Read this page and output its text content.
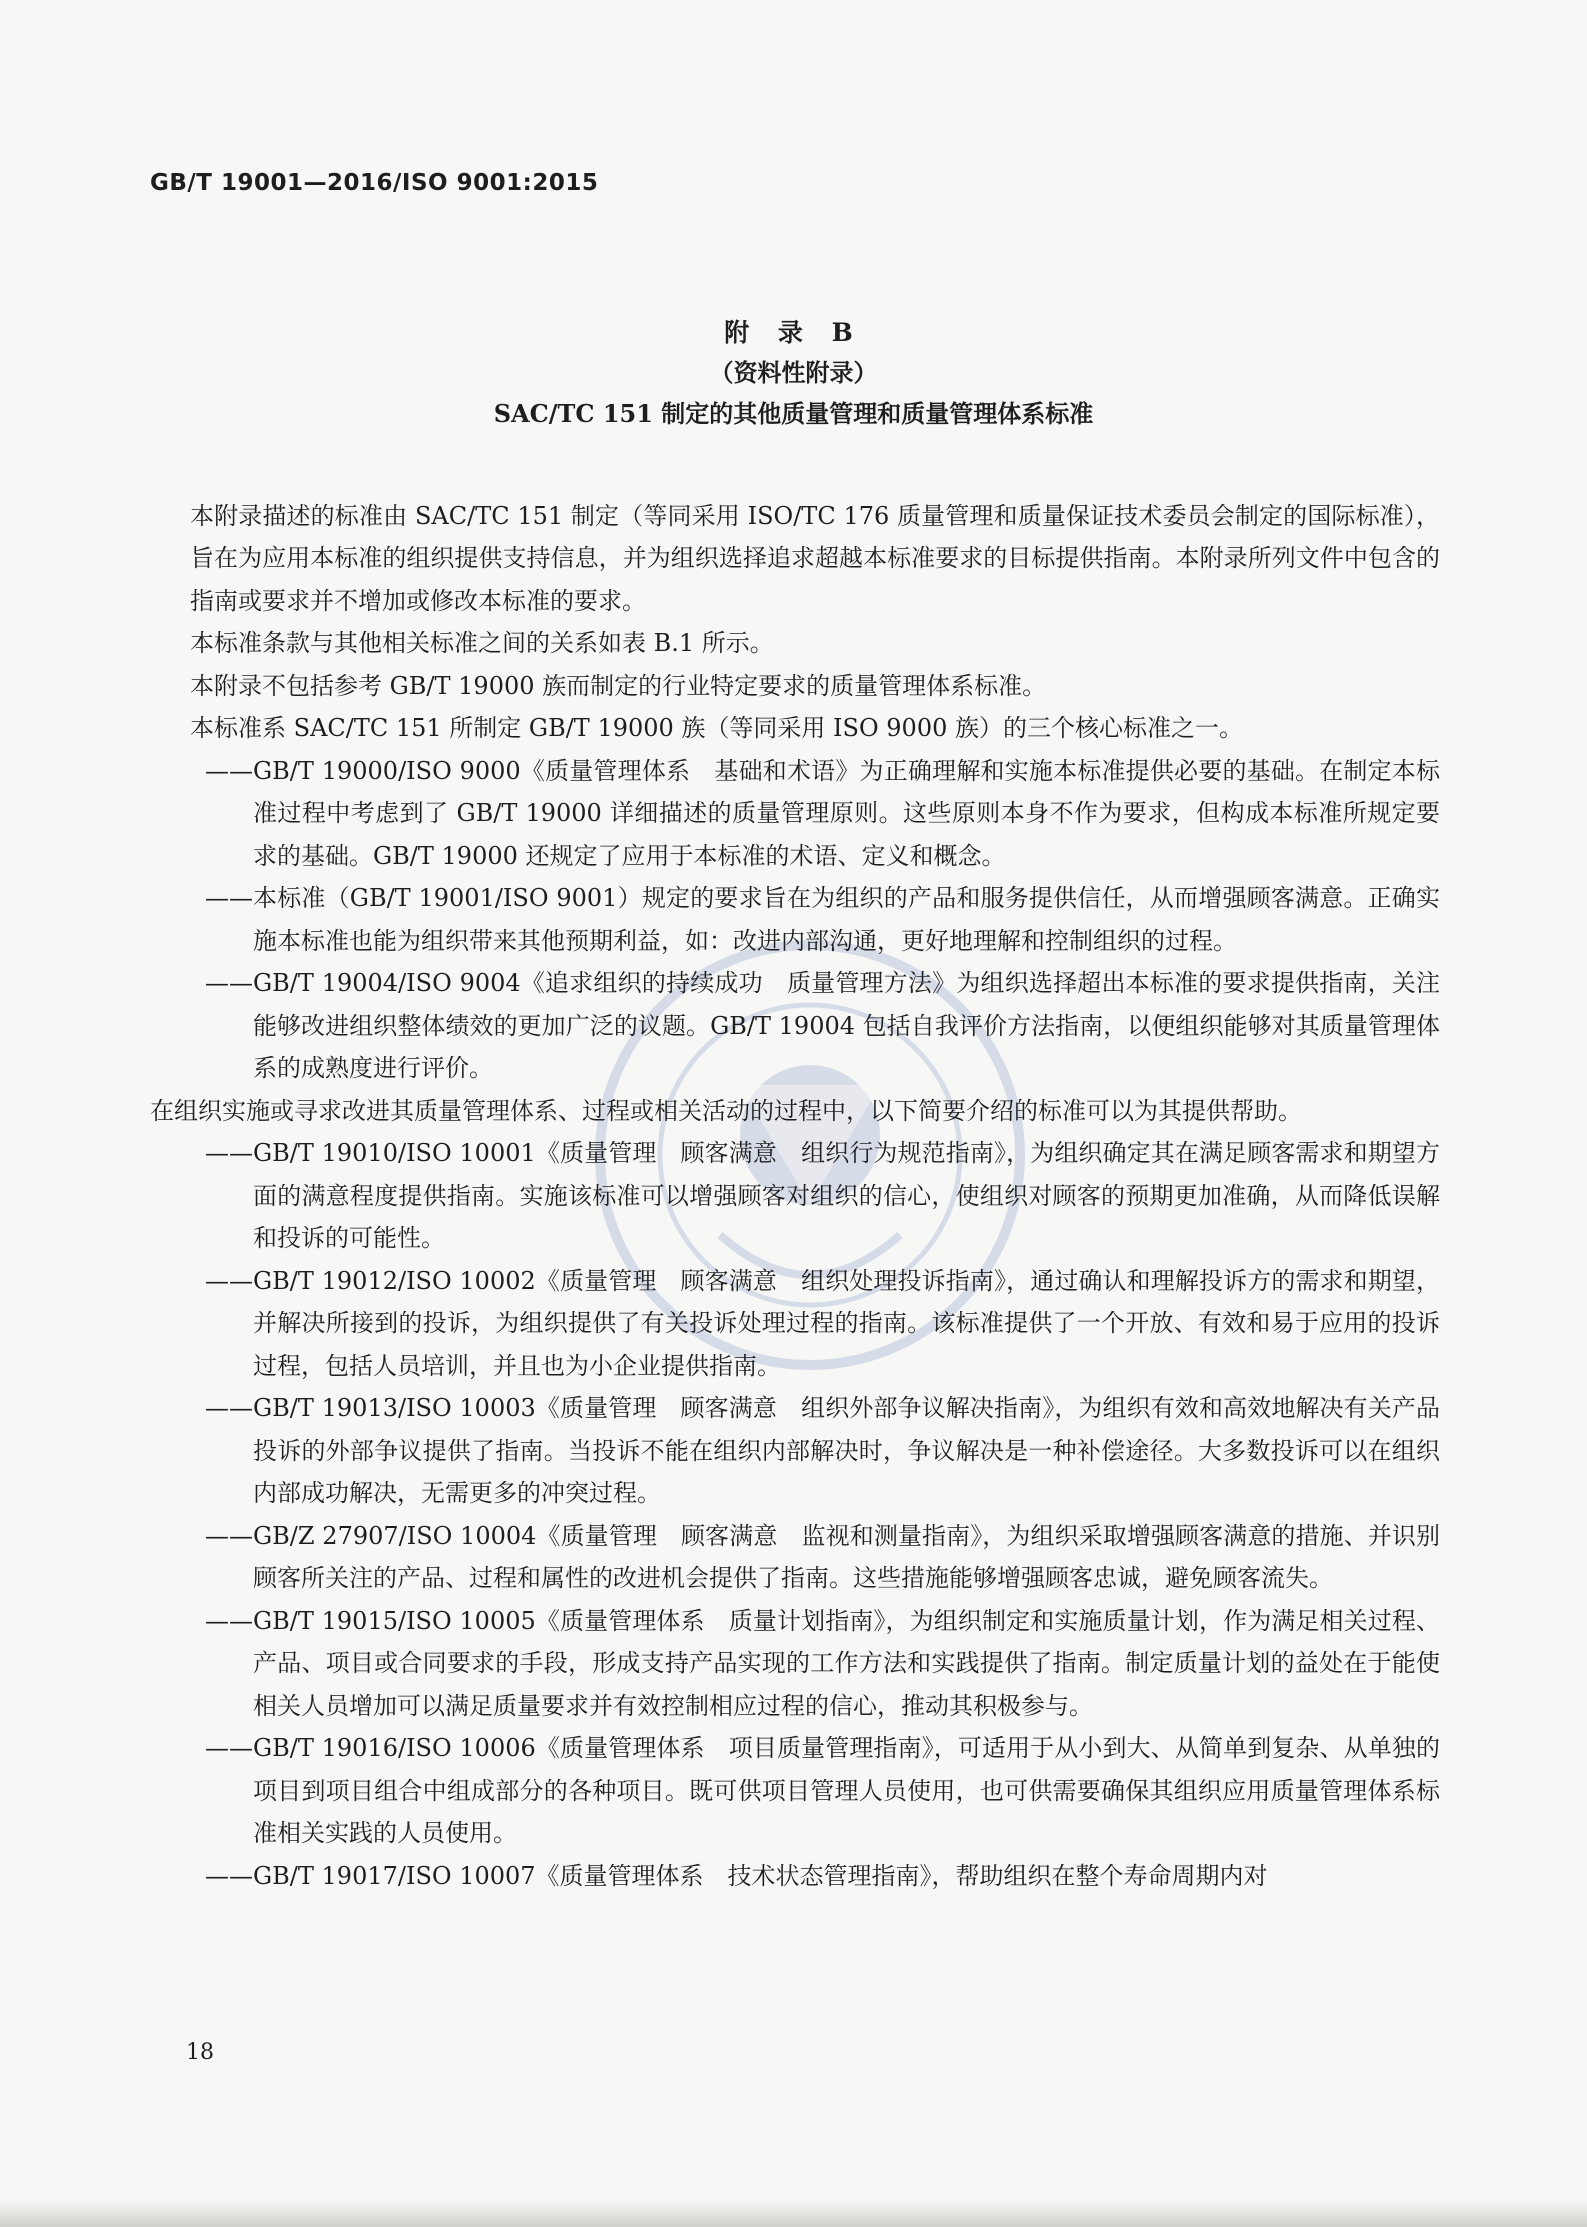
GB/T 19001—2016/ISO 9001:2015
附 录 B
（资料性附录）
SAC/TC 151 制定的其他质量管理和质量管理体系标准
本附录描述的标准由 SAC/TC 151 制定（等同采用 ISO/TC 176 质量管理和质量保证技术委员会制定的国际标准），旨在为应用本标准的组织提供支持信息，并为组织选择追求超越本标准要求的目标提供指南。本附录所列文件中包含的指南或要求并不增加或修改本标准的要求。
本标准条款与其他相关标准之间的关系如表 B.1 所示。
本附录不包括参考 GB/T 19000 族而制定的行业特定要求的质量管理体系标准。
本标准系 SAC/TC 151 所制定 GB/T 19000 族（等同采用 ISO 9000 族）的三个核心标准之一。
—— GB/T 19000/ISO 9000《质量管理体系　基础和术语》为正确理解和实施本标准提供必要的基础。在制定本标准过程中考虑到了 GB/T 19000 详细描述的质量管理原则。这些原则本身不作为要求，但构成本标准所规定要求的基础。GB/T 19000 还规定了应用于本标准的术语、定义和概念。
—— 本标准（GB/T 19001/ISO 9001）规定的要求旨在为组织的产品和服务提供信任，从而增强顾客满意。正确实施本标准也能为组织带来其他预期利益，如：改进内部沟通，更好地理解和控制组织的过程。
—— GB/T 19004/ISO 9004《追求组织的持续成功　质量管理方法》为组织选择超出本标准的要求提供指南，关注能够改进组织整体绩效的更加广泛的议题。GB/T 19004 包括自我评价方法指南，以便组织能够对其质量管理体系的成熟度进行评价。
在组织实施或寻求改进其质量管理体系、过程或相关活动的过程中，以下简要介绍的标准可以为其提供帮助。
—— GB/T 19010/ISO 10001《质量管理　顾客满意　组织行为规范指南》，为组织确定其在满足顾客需求和期望方面的满意程度提供指南。实施该标准可以增强顾客对组织的信心，使组织对顾客的预期更加准确，从而降低误解和投诉的可能性。
—— GB/T 19012/ISO 10002《质量管理　顾客满意　组织处理投诉指南》，通过确认和理解投诉方的需求和期望，并解决所接到的投诉，为组织提供了有关投诉处理过程的指南。该标准提供了一个开放、有效和易于应用的投诉过程，包括人员培训，并且也为小企业提供指南。
—— GB/T 19013/ISO 10003《质量管理　顾客满意　组织外部争议解决指南》，为组织有效和高效地解决有关产品投诉的外部争议提供了指南。当投诉不能在组织内部解决时，争议解决是一种补偿途径。大多数投诉可以在组织内部成功解决，无需更多的冲突过程。
—— GB/Z 27907/ISO 10004《质量管理　顾客满意　监视和测量指南》，为组织采取增强顾客满意的措施、并识别顾客所关注的产品、过程和属性的改进机会提供了指南。这些措施能够增强顾客忠诚，避免顾客流失。
—— GB/T 19015/ISO 10005《质量管理体系　质量计划指南》，为组织制定和实施质量计划，作为满足相关过程、产品、项目或合同要求的手段，形成支持产品实现的工作方法和实践提供了指南。制定质量计划的益处在于能使相关人员增加可以满足质量要求并有效控制相应过程的信心，推动其积极参与。
—— GB/T 19016/ISO 10006《质量管理体系　项目质量管理指南》，可适用于从小到大、从简单到复杂、从单独的项目到项目组合中组成部分的各种项目。既可供项目管理人员使用，也可供需要确保其组织应用质量管理体系标准相关实践的人员使用。
—— GB/T 19017/ISO 10007《质量管理体系　技术状态管理指南》，帮助组织在整个寿命周期内对
18
